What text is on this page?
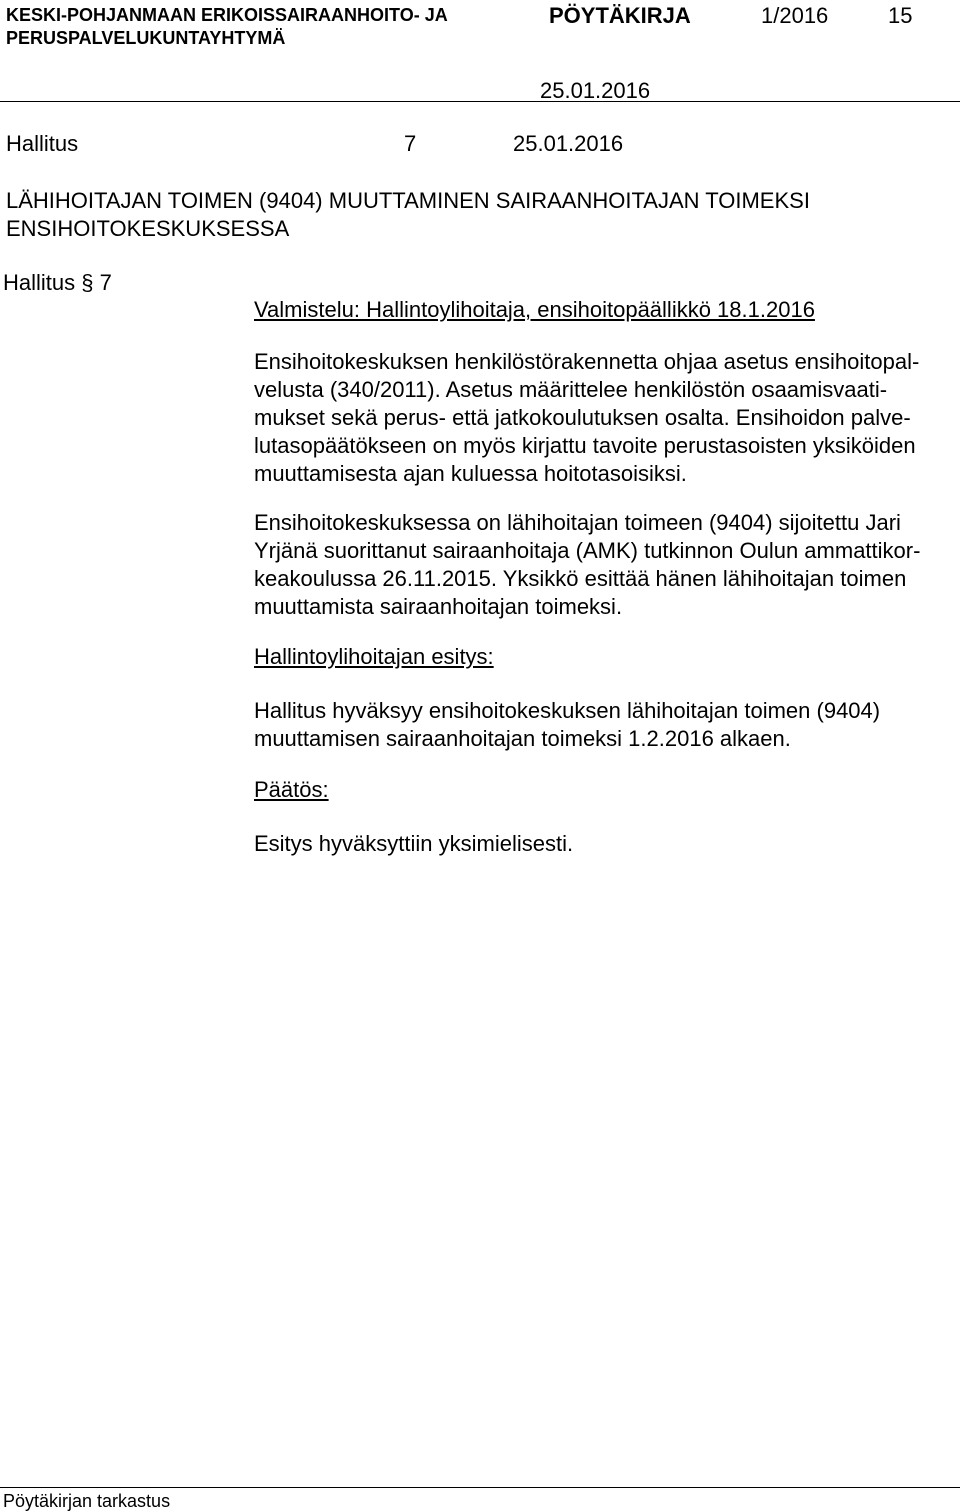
KESKI-POHJANMAAN ERIKOISSAIRAANHOITO- JA
PERUSPALVELUKUNTAYHTYMÄ
PÖYTÄKIRJA	1/2016	15
25.01.2016
Hallitus	7	25.01.2016
LÄHIHOITAJAN TOIMEN (9404) MUUTTAMINEN SAIRAANHOITAJAN TOIMEKSI
ENSIHOITOKESKUKSESSA
Hallitus § 7

Valmistelu: Hallintoylihoitaja, ensihoitopäällikkö 18.1.2016

Ensihoitokeskuksen henkilöstörakennetta ohjaa asetus ensihoitopal-

velusta (340/2011). Asetus määrittelee henkilöstön osaamisvaati-

mukset sekä perus- että jatkokoulutuksen osalta. Ensihoidon palve-

lutasopäätökseen on myös kirjattu tavoite perustasoisten yksiköiden

muuttamisesta ajan kuluessa hoitotasoisiksi.

Ensihoitokeskuksessa on lähihoitajan toimeen (9404) sijoitettu Jari

Yrjänä suorittanut sairaanhoitaja (AMK) tutkinnon Oulun ammattikor-

keakoulussa 26.11.2015. Yksikkö esittää hänen lähihoitajan toimen

muuttamista sairaanhoitajan toimeksi.

Hallintoylihoitajan esitys:

Hallitus hyväksyy ensihoitokeskuksen lähihoitajan toimen (9404)

muuttamisen sairaanhoitajan toimeksi 1.2.2016 alkaen.

Päätös:

Esitys hyväksyttiin yksimielisesti.

Pöytäkirjan tarkastus
